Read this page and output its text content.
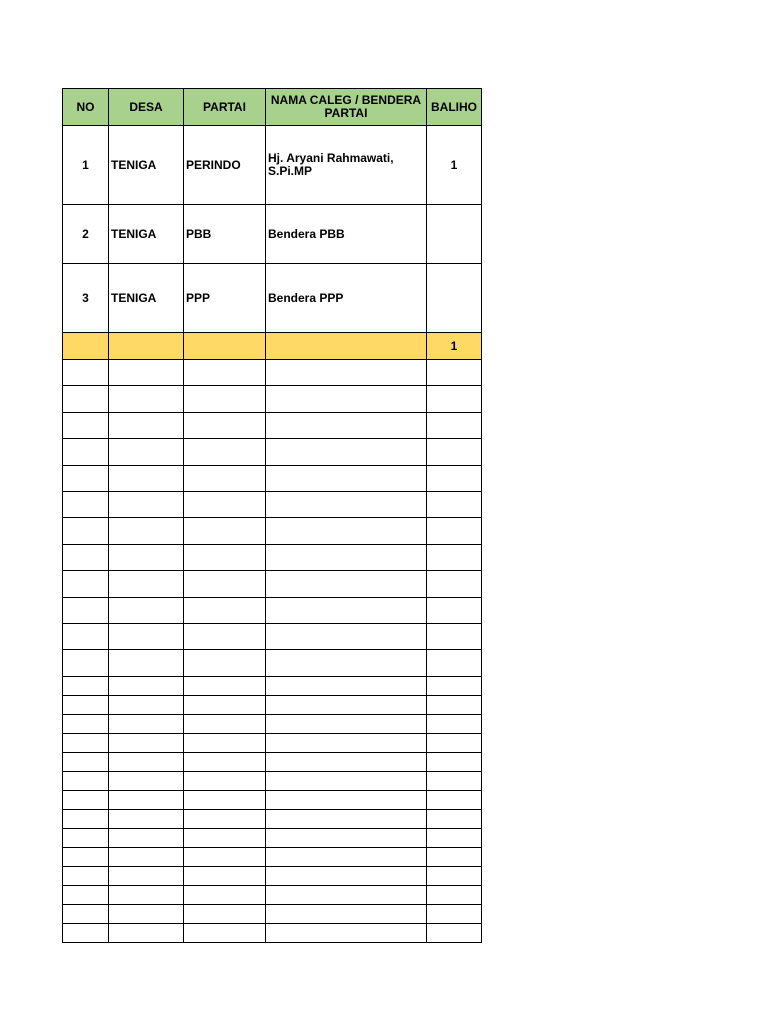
NO	DESA	PARTAI	NAMA CALEG / BENDERA PARTAI	BALIHO
1	TENIGA	PERINDO	Hj. Aryani Rahmawati, S.Pi.MP	1
2	TENIGA	PBB	Bendera PBB	
3	TENIGA	PPP	Bendera PPP	
				1
